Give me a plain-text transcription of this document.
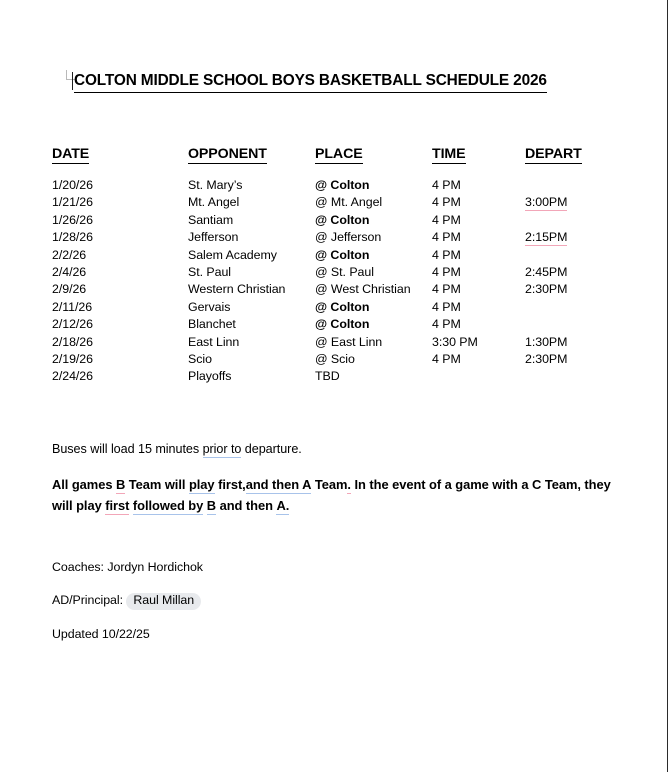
COLTON MIDDLE SCHOOL BOYS BASKETBALL SCHEDULE 2026
DATE	OPPONENT	PLACE	TIME	DEPART
1/20/26	St. Mary’s	@ Colton	4 PM	
1/21/26	Mt. Angel	@ Mt. Angel	4 PM	3:00PM
1/26/26	Santiam	@ Colton	4 PM	
1/28/26	Jefferson	@ Jefferson	4 PM	2:15PM
2/2/26	Salem Academy	@ Colton	4 PM	
2/4/26	St. Paul	@ St. Paul	4 PM	2:45PM
2/9/26	Western Christian	@ West Christian	4 PM	2:30PM
2/11/26	Gervais	@ Colton	4 PM	
2/12/26	Blanchet	@ Colton	4 PM	
2/18/26	East Linn	@ East Linn	3:30 PM	1:30PM
2/19/26	Scio	@ Scio	4 PM	2:30PM
2/24/26	Playoffs	TBD		
Buses will load 15 minutes prior to departure.
All games B Team will play first,and then A Team. In the event of a game with a C Team, they will play first followed by B and then A.
Coaches: Jordyn Hordichok
AD/Principal: Raul Millan
Updated 10/22/25
